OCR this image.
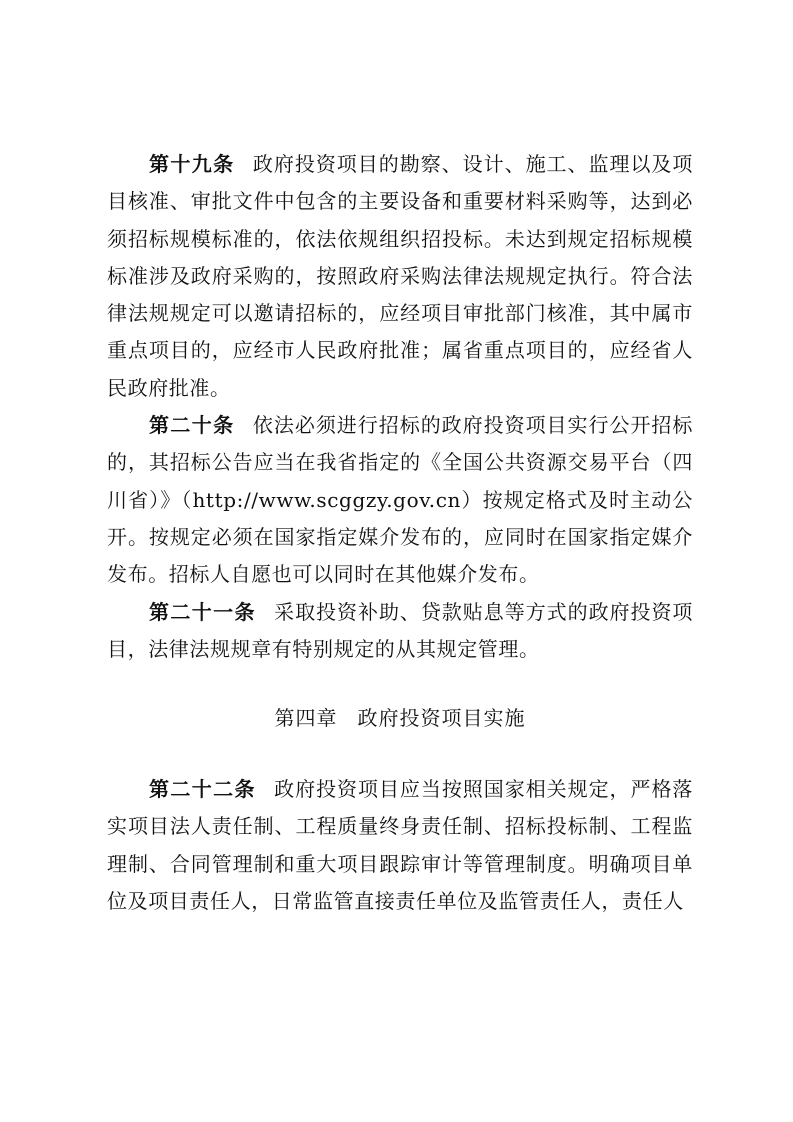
第十九条 政府投资项目的勘察、设计、施工、监理以及项目核准、审批文件中包含的主要设备和重要材料采购等，达到必须招标规模标准的，依法依规组织招投标。未达到规定招标规模标准涉及政府采购的，按照政府采购法律法规规定执行。符合法律法规规定可以邀请招标的，应经项目审批部门核准，其中属市重点项目的，应经市人民政府批准；属省重点项目的，应经省人民政府批准。

第二十条 依法必须进行招标的政府投资项目实行公开招标的，其招标公告应当在我省指定的《全国公共资源交易平台（四川省）》（http://www.scggzy.gov.cn）按规定格式及时主动公开。按规定必须在国家指定媒介发布的，应同时在国家指定媒介发布。招标人自愿也可以同时在其他媒介发布。

第二十一条 采取投资补助、贷款贴息等方式的政府投资项目，法律法规规章有特别规定的从其规定管理。

第四章 政府投资项目实施

第二十二条 政府投资项目应当按照国家相关规定，严格落实项目法人责任制、工程质量终身责任制、招标投标制、工程监理制、合同管理制和重大项目跟踪审计等管理制度。明确项目单位及项目责任人，日常监管直接责任单位及监管责任人，责任人
